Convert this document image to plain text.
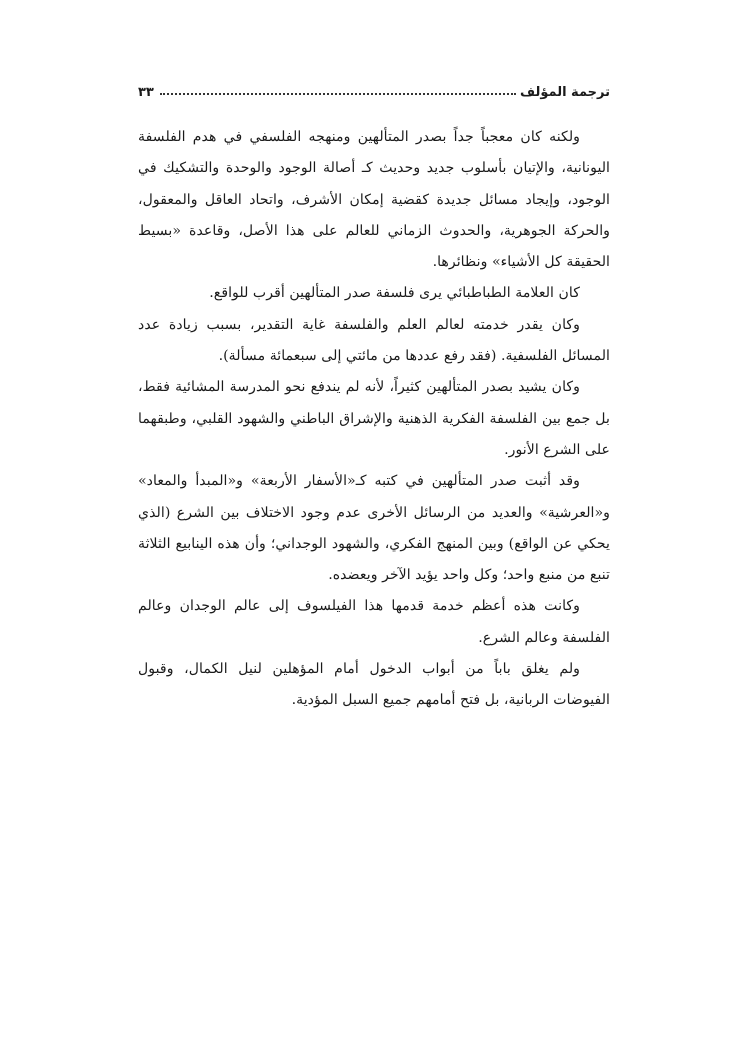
٣٣	ترجمة المؤلف

ولكنه كان معجباً جداً بصدر المتألهين ومنهجه الفلسفي في هدم الفلسفة اليونانية، والإتيان بأسلوب جديد وحديث كـ أصالة الوجود والوحدة والتشكيك في الوجود، وإيجاد مسائل جديدة كقضية إمكان الأشرف، واتحاد العاقل والمعقول، والحركة الجوهرية، والحدوث الزماني للعالم على هذا الأصل، وقاعدة «بسيط الحقيقة كل الأشياء» ونظائرها.

كان العلامة الطباطبائي يرى فلسفة صدر المتألهين أقرب للواقع.

وكان يقدر خدمته لعالم العلم والفلسفة غاية التقدير، بسبب زيادة عدد المسائل الفلسفية. (فقد رفع عددها من مائتي إلى سبعمائة مسألة).

وكان يشيد بصدر المتألهين كثيراً، لأنه لم يندفع نحو المدرسة المشائية فقط، بل جمع بين الفلسفة الفكرية الذهنية والإشراق الباطني والشهود القلبي، وطبقهما على الشرع الأنور.

وقد أثبت صدر المتألهين في كتبه كـ«الأسفار الأربعة» و«المبدأ والمعاد» و«العرشية» والعديد من الرسائل الأخرى عدم وجود الاختلاف بين الشرع (الذي يحكي عن الواقع) وبين المنهج الفكري، والشهود الوجداني؛ وأن هذه الينابيع الثلاثة تنبع من منبع واحد؛ وكل واحد يؤيد الآخر ويعضده.

وكانت هذه أعظم خدمة قدمها هذا الفيلسوف إلى عالم الوجدان وعالم الفلسفة وعالم الشرع.

ولم يغلق باباً من أبواب الدخول أمام المؤهلين لنيل الكمال، وقبول الفيوضات الربانية، بل فتح أمامهم جميع السبل المؤدية.
